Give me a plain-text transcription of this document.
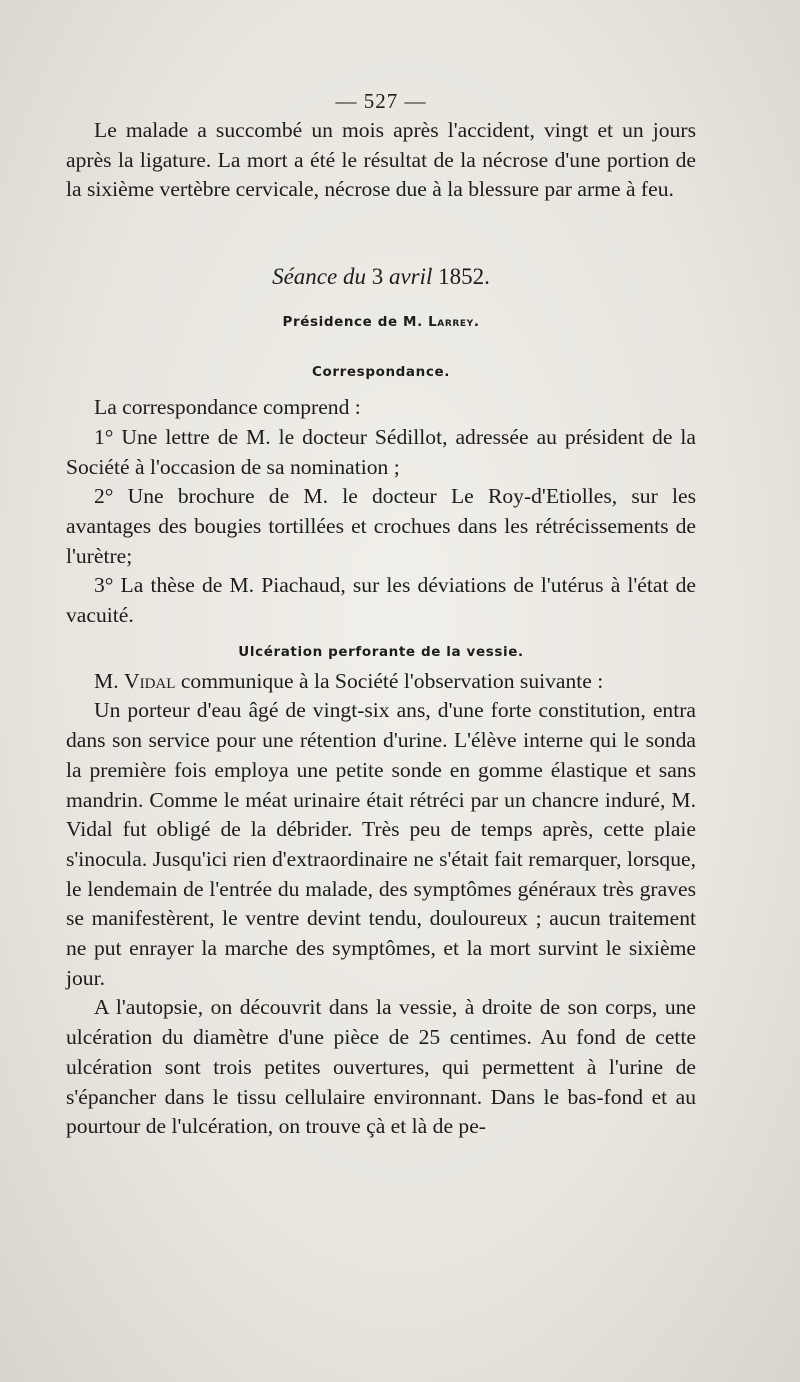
— 527 —

Le malade a succombé un mois après l'accident, vingt et un jours après la ligature. La mort a été le résultat de la nécrose d'une portion de la sixième vertèbre cervicale, nécrose due à la blessure par arme à feu.

Séance du 3 avril 1852.
Présidence de M. Larrey.
Correspondance.

La correspondance comprend :

1° Une lettre de M. le docteur Sédillot, adressée au président de la Société à l'occasion de sa nomination ;

2° Une brochure de M. le docteur Le Roy-d'Etiolles, sur les avantages des bougies tortillées et crochues dans les rétrécissements de l'urètre;

3° La thèse de M. Piachaud, sur les déviations de l'utérus à l'état de vacuité.

Ulcération perforante de la vessie.

M. Vidal communique à la Société l'observation suivante :

Un porteur d'eau âgé de vingt-six ans, d'une forte constitution, entra dans son service pour une rétention d'urine. L'élève interne qui le sonda la première fois employa une petite sonde en gomme élastique et sans mandrin. Comme le méat urinaire était rétréci par un chancre induré, M. Vidal fut obligé de la débrider. Très peu de temps après, cette plaie s'inocula. Jusqu'ici rien d'extraordinaire ne s'était fait remarquer, lorsque, le lendemain de l'entrée du malade, des symptômes généraux très graves se manifestèrent, le ventre devint tendu, douloureux ; aucun traitement ne put enrayer la marche des symptômes, et la mort survint le sixième jour.

A l'autopsie, on découvrit dans la vessie, à droite de son corps, une ulcération du diamètre d'une pièce de 25 centimes. Au fond de cette ulcération sont trois petites ouvertures, qui permettent à l'urine de s'épancher dans le tissu cellulaire environnant. Dans le bas-fond et au pourtour de l'ulcération, on trouve çà et là de pe-
